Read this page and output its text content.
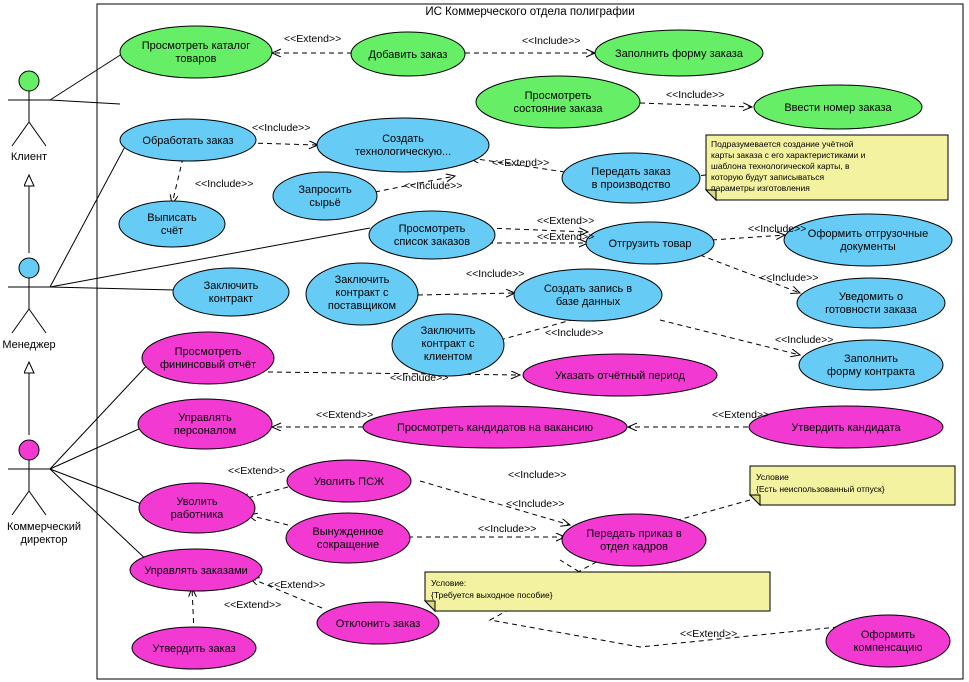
ИС Коммерческого отдела полиграфии
Клиент
Менеджер
Коммерческий
директор
Просмотреть каталог
товаров	Добавить заказ	Заполнить форму заказа
Просмотреть
состояние заказа	Ввести номер заказа
Обработать заказ	Создать
технологическую...
Передать заказ
в производство
Запросить
сырьё
Выписать
счёт	Просмотреть
список заказов	Отгрузить товар
Оформить отгрузочные
документы
Уведомить о
готовности заказа
Заключить
контракт
Заключить
контракт с
поставщиком
Создать запись в
базе данных
Заключить
контракт с
клиентом	Заполнить
форму контракта
Просмотреть
фининсовый отчёт
Указать отчётный период
Управлять
персоналом	Просмотреть кандидатов на вакансию	Утвердить кандидата
Уволить ПСЖ
Уволить
работника
Вынужденное
сокращение
Передать приказ в
отдел кадров
Управлять заказами
Отклонить заказ
Утвердить заказ
Оформить
компенсацию
<<Extend>>	<<Include>>
<<Include>>
<<Include>>
<<Extend>>
<<Include>>	<<Include>>
<<Extend>>
<<Extend>>
<<Include>>
<<Include>>
<<Include>>
<<Include>>
<<Include>>
<<Include>>
<<Include>>
<<Extend>>	<<Extend>>
<<Extend>>	<<Include>>
<<Include>>
<<Extend>>
<<Extend>>
<<Extend>>
Подразумевается создание учётной
карты заказа с его характеристиками и
шаблона технологической карты, в
которую будут записываться
параметры изготовления
Условие
{Есть неиспользованный отпуск}
Условие:
{Требуется выходное пособие}
